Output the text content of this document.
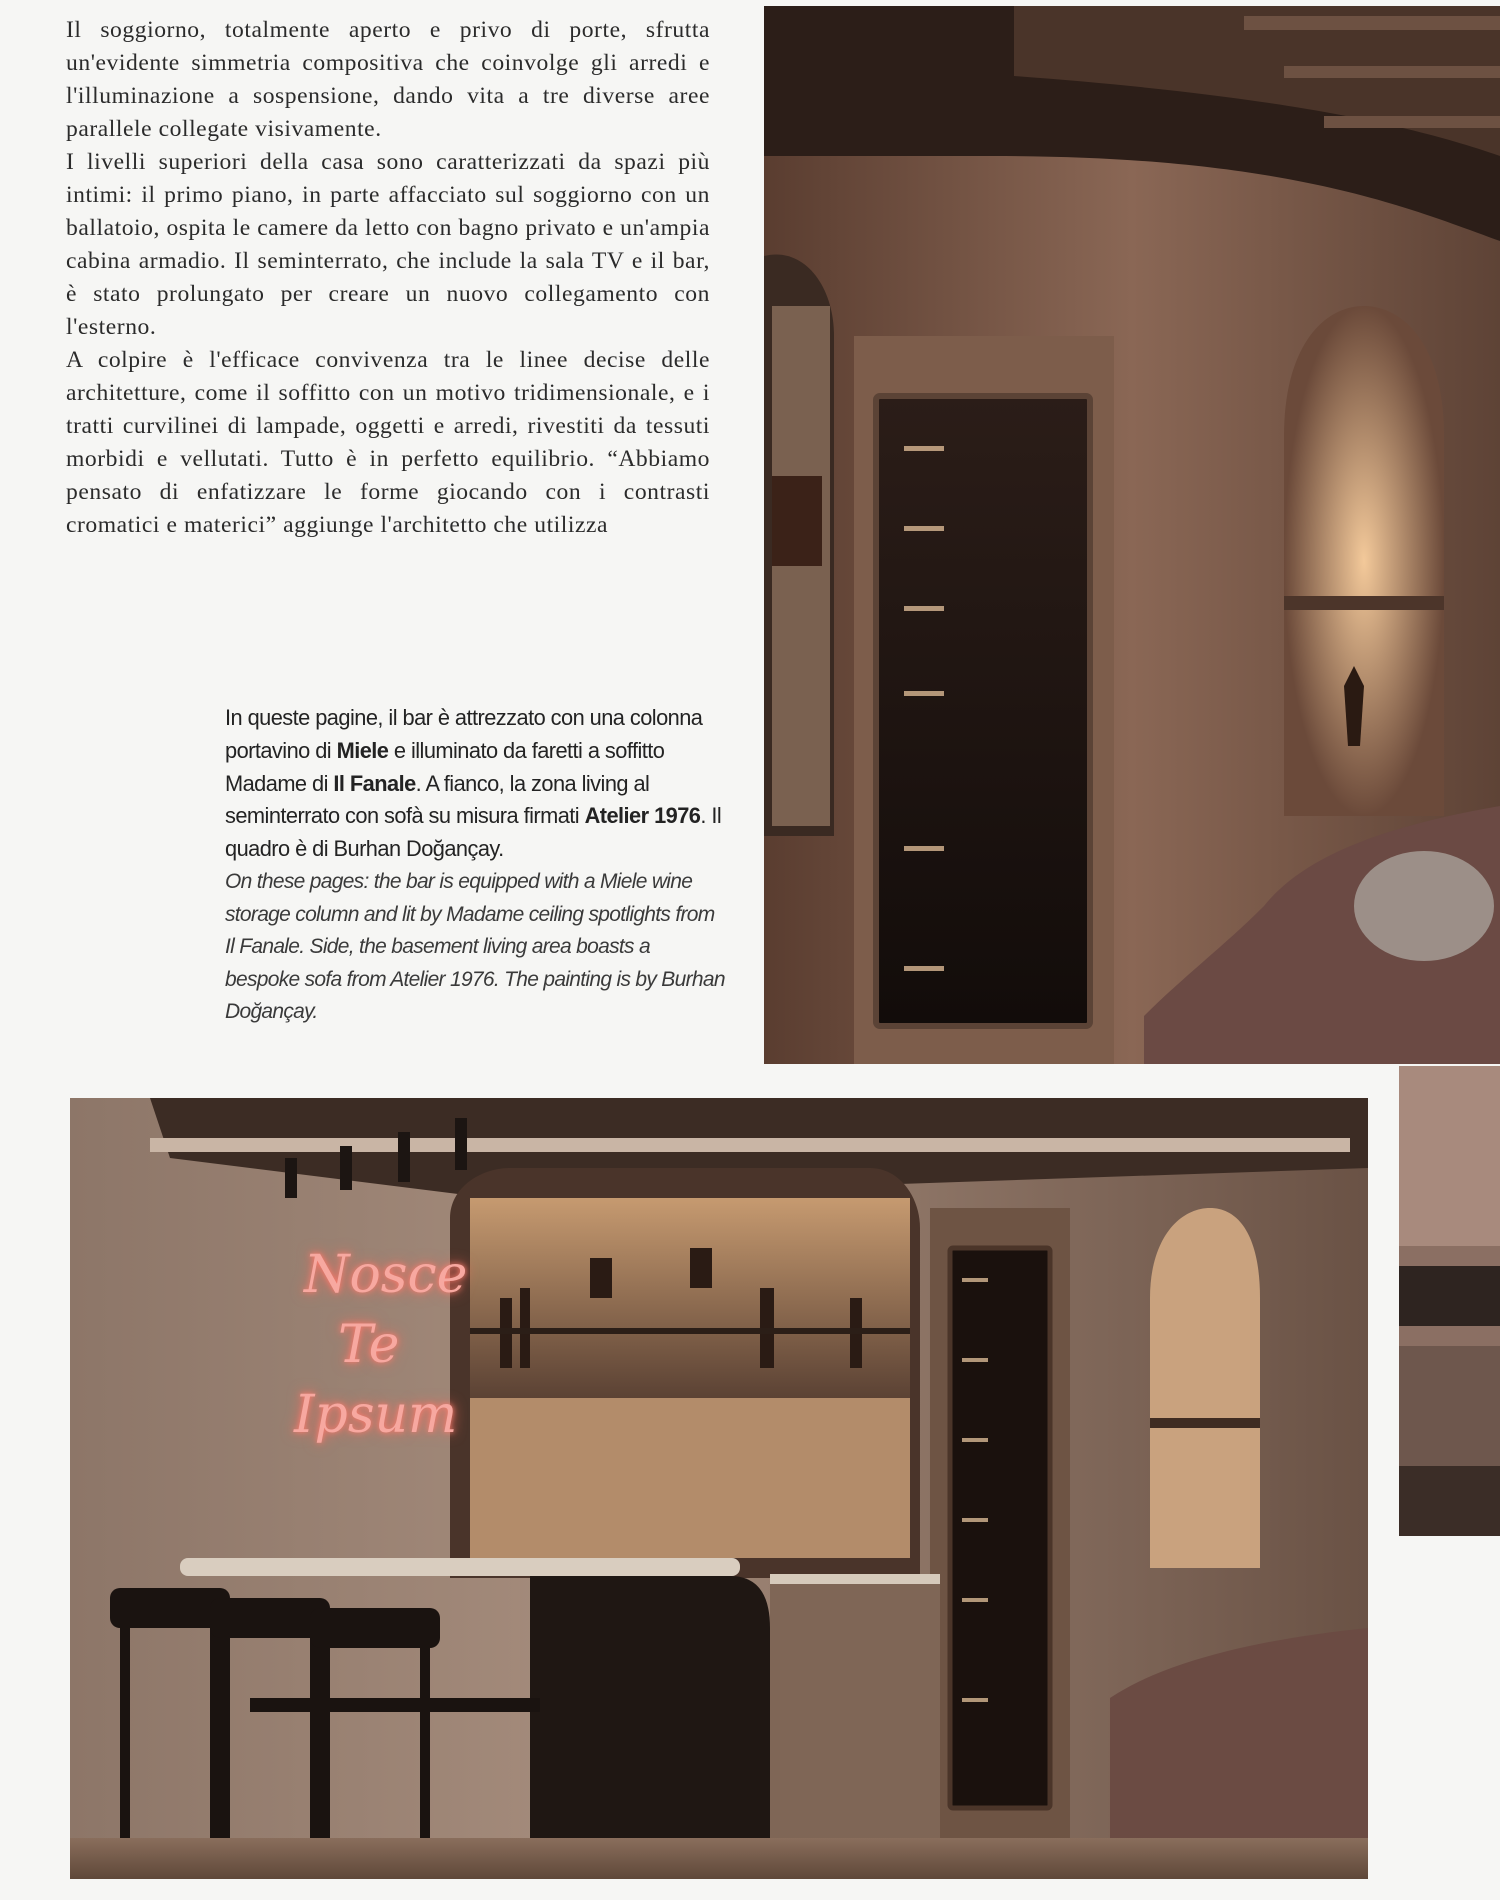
Il soggiorno, totalmente aperto e privo di porte, sfrutta un'evidente simmetria compositiva che coinvolge gli arredi e l'illuminazione a sospensione, dando vita a tre diverse aree parallele collegate visivamente.

I livelli superiori della casa sono caratterizzati da spazi più intimi: il primo piano, in parte affacciato sul soggiorno con un ballatoio, ospita le camere da letto con bagno privato e un'ampia cabina armadio. Il seminterrato, che include la sala TV e il bar, è stato prolungato per creare un nuovo collegamento con l'esterno.

A colpire è l'efficace convivenza tra le linee decise delle architetture, come il soffitto con un motivo tridimensionale, e i tratti curvilinei di lampade, oggetti e arredi, rivestiti da tessuti morbidi e vellutati. Tutto è in perfetto equilibrio. “Abbiamo pensato di enfatizzare le forme giocando con i contrasti cromatici e materici” aggiunge l'architetto che utilizza

In queste pagine, il bar è attrezzato con una colonna portavino di Miele e illuminato da faretti a soffitto Madame di Il Fanale. A fianco, la zona living al seminterrato con sofà su misura firmati Atelier 1976. Il quadro è di Burhan Doğançay.

On these pages: the bar is equipped with a Miele wine storage column and lit by Madame ceiling spotlights from Il Fanale. Side, the basement living area boasts a bespoke sofa from Atelier 1976. The painting is by Burhan Doğançay.

Nosce
Te
Ipsum
